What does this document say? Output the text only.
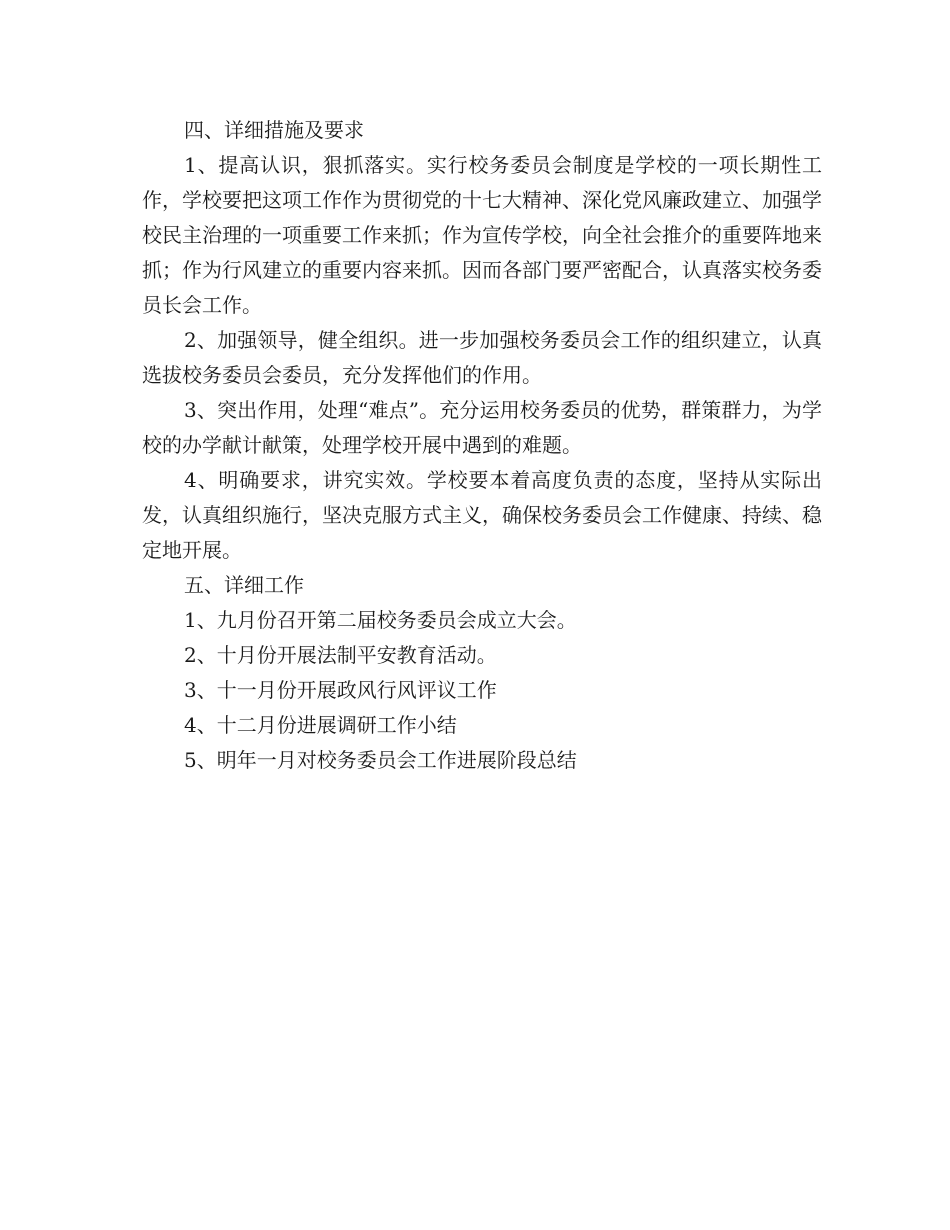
四、详细措施及要求

1、提高认识，狠抓落实。实行校务委员会制度是学校的一项长期性工作，学校要把这项工作作为贯彻党的十七大精神、深化党风廉政建立、加强学校民主治理的一项重要工作来抓；作为宣传学校，向全社会推介的重要阵地来抓；作为行风建立的重要内容来抓。因而各部门要严密配合，认真落实校务委员长会工作。

2、加强领导，健全组织。进一步加强校务委员会工作的组织建立，认真选拔校务委员会委员，充分发挥他们的作用。

3、突出作用，处理“难点”。充分运用校务委员的优势，群策群力，为学校的办学献计献策，处理学校开展中遇到的难题。

4、明确要求，讲究实效。学校要本着高度负责的态度，坚持从实际出发，认真组织施行，坚决克服方式主义，确保校务委员会工作健康、持续、稳定地开展。

五、详细工作

1、九月份召开第二届校务委员会成立大会。

2、十月份开展法制平安教育活动。

3、十一月份开展政风行风评议工作

4、十二月份进展调研工作小结

5、明年一月对校务委员会工作进展阶段总结
